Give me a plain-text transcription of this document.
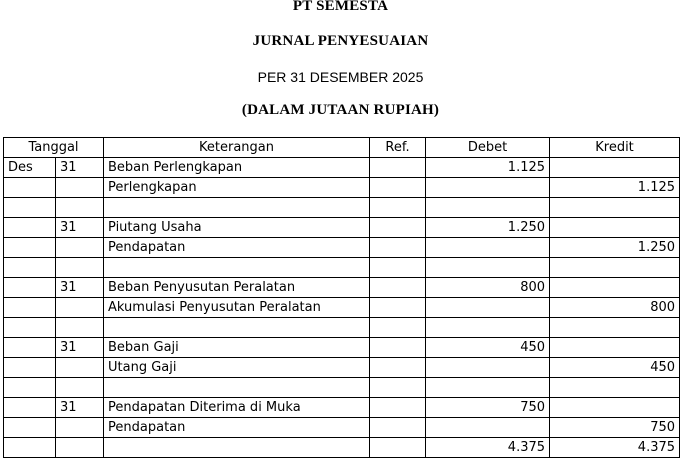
PT SEMESTA
JURNAL PENYESUAIAN
PER 31 DESEMBER 2025
(DALAM JUTAAN RUPIAH)
Tanggal		Keterangan	Ref.	Debet	Kredit
Des	31	Beban Perlengkapan		1.125	
		Perlengkapan			1.125

	31	Piutang Usaha		1.250	
		Pendapatan			1.250

	31	Beban Penyusutan Peralatan		800	
		Akumulasi Penyusutan Peralatan			800

	31	Beban Gaji		450	
		Utang Gaji			450

	31	Pendapatan Diterima di Muka		750	
		Pendapatan			750
				4.375	4.375
